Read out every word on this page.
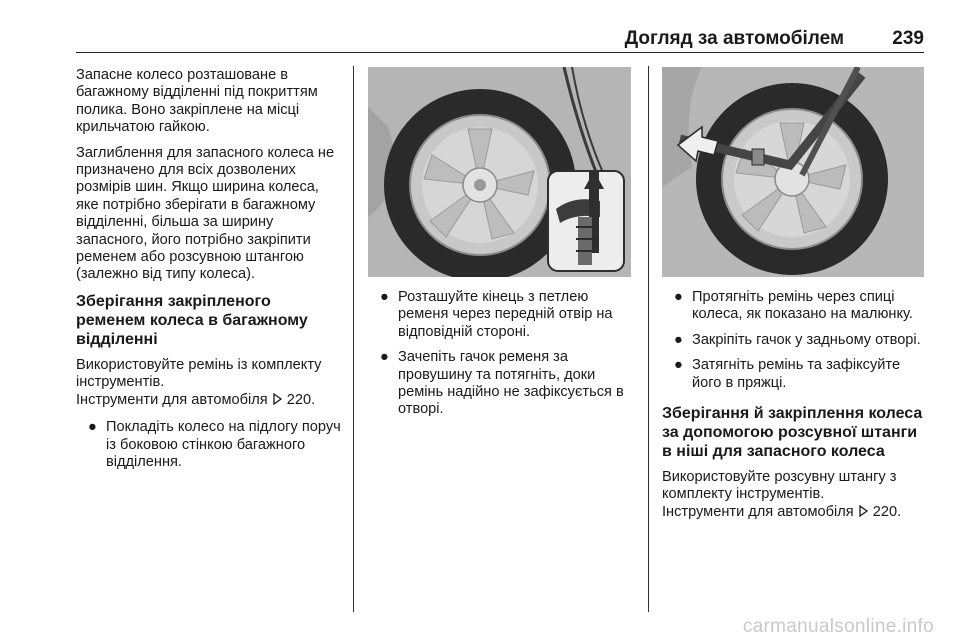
Догляд за автомобілем	239

Запасне колесо розташоване в багажному відділенні під покриттям полика. Воно закріплене на місці крильчатою гайкою.

Заглиблення для запасного колеса не призначено для всіх дозволених розмірів шин. Якщо ширина колеса, яке потрібно зберігати в багажному відділенні, більша за ширину запасного, його потрібно закріпити ременем або розсувною штангою (залежно від типу колеса).

Зберігання закріпленого ременем колеса в багажному відділенні

Використовуйте ремінь із комплекту інструментів.
Інструменти для автомобіля 220.

● Покладіть колесо на підлогу поруч із боковою стінкою багажного відділення.
● Розташуйте кінець з петлею ременя через передній отвір на відповідній стороні.
● Зачепіть гачок ременя за провушину та потягніть, доки ремінь надійно не зафіксується в отворі.
● Протягніть ремінь через спиці колеса, як показано на малюнку.
● Закріпіть гачок у задньому отворі.
● Затягніть ремінь та зафіксуйте його в пряжці.
Зберігання й закріплення колеса за допомогою розсувної штанги в ніші для запасного колеса

Використовуйте розсувну штангу з комплекту інструментів.
Інструменти для автомобіля 220.

carmanualsonline.info
